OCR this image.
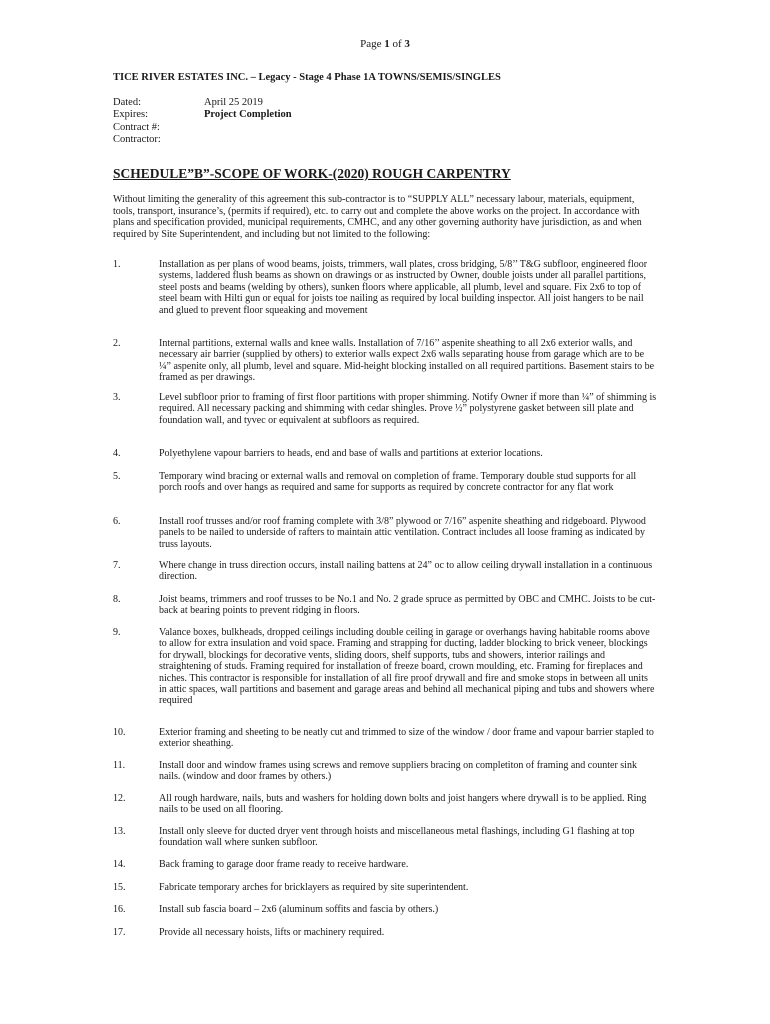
Page 1 of 3
TICE RIVER ESTATES INC. – Legacy - Stage 4 Phase 1A TOWNS/SEMIS/SINGLES
Dated:	April 25 2019
Expires:	Project Completion
Contract #:
Contractor:
SCHEDULE”B”-SCOPE OF WORK-(2020) ROUGH CARPENTRY
Without limiting the generality of this agreement this sub-contractor is to “SUPPLY ALL” necessary labour, materials, equipment, tools, transport, insurance’s, (permits if required), etc. to carry out and complete the above works on the project. In accordance with plans and specification provided, municipal requirements, CMHC, and any other governing authority have jurisdiction, as and when required by Site Superintendent, and including but not limited to the following:
1.	Installation as per plans of wood beams, joists, trimmers, wall plates, cross bridging, 5/8’’ T&G subfloor, engineered floor systems, laddered flush beams as shown on drawings or as instructed by Owner, double joists under all parallel partitions, steel posts and beams (welding by others), sunken floors where applicable, all plumb, level and square. Fix 2x6 to top of steel beam with Hilti gun or equal for joists toe nailing as required by local building inspector. All joist hangers to be nail and glued to prevent floor squeaking and movement
2.	Internal partitions, external walls and knee walls. Installation of 7/16’’ aspenite sheathing to all 2x6 exterior walls, and necessary air barrier (supplied by others) to exterior walls expect 2x6 walls separating house from garage which are to be ¼” aspenite only, all plumb, level and square. Mid-height blocking installed on all required partitions. Basement stairs to be framed as per drawings.
3.	Level subfloor prior to framing of first floor partitions with proper shimming. Notify Owner if more than ¼” of shimming is required. All necessary packing and shimming with cedar shingles. Prove ½” polystyrene gasket between sill plate and foundation wall, and tyvec or equivalent at subfloors as required.
4.	Polyethylene vapour barriers to heads, end and base of walls and partitions at exterior locations.
5.	Temporary wind bracing or external walls and removal on completion of frame. Temporary double stud supports for all porch roofs and over hangs as required and same for supports as required by concrete contractor for any flat work
6.	Install roof trusses and/or roof framing complete with 3/8” plywood or 7/16” aspenite sheathing and ridgeboard. Plywood panels to be nailed to underside of rafters to maintain attic ventilation. Contract includes all loose framing as indicated by truss layouts.
7.	Where change in truss direction occurs, install nailing battens at 24” oc to allow ceiling drywall installation in a continuous direction.
8.	Joist beams, trimmers and roof trusses to be No.1 and No. 2 grade spruce as permitted by OBC and CMHC. Joists to be cut-back at bearing points to prevent ridging in floors.
9.	Valance boxes, bulkheads, dropped ceilings including double ceiling in garage or overhangs having habitable rooms above to allow for extra insulation and void space. Framing and strapping for ducting, ladder blocking to brick veneer, blockings for drywall, blockings for decorative vents, sliding doors, shelf supports, tubs and showers, interior railings and straightening of studs. Framing required for installation of freeze board, crown moulding, etc. Framing for fireplaces and niches. This contractor is responsible for installation of all fire proof drywall and fire and smoke stops in between all units in attic spaces, wall partitions and basement and garage areas and behind all mechanical piping and tubs and showers where required
10.	Exterior framing and sheeting to be neatly cut and trimmed to size of the window / door frame and vapour barrier stapled to exterior sheathing.
11.	Install door and window frames using screws and remove suppliers bracing on completiton of framing and counter sink nails. (window and door frames by others.)
12.	All rough hardware, nails, buts and washers for holding down bolts and joist hangers where drywall is to be applied. Ring nails to be used on all flooring.
13.	Install only sleeve for ducted dryer vent through hoists and miscellaneous metal flashings, including G1 flashing at top foundation wall where sunken subfloor.
14.	Back framing to garage door frame ready to receive hardware.
15.	Fabricate temporary arches for bricklayers as required by site superintendent.
16.	Install sub fascia board – 2x6 (aluminum soffits and fascia by others.)
17.	Provide all necessary hoists, lifts or machinery required.
